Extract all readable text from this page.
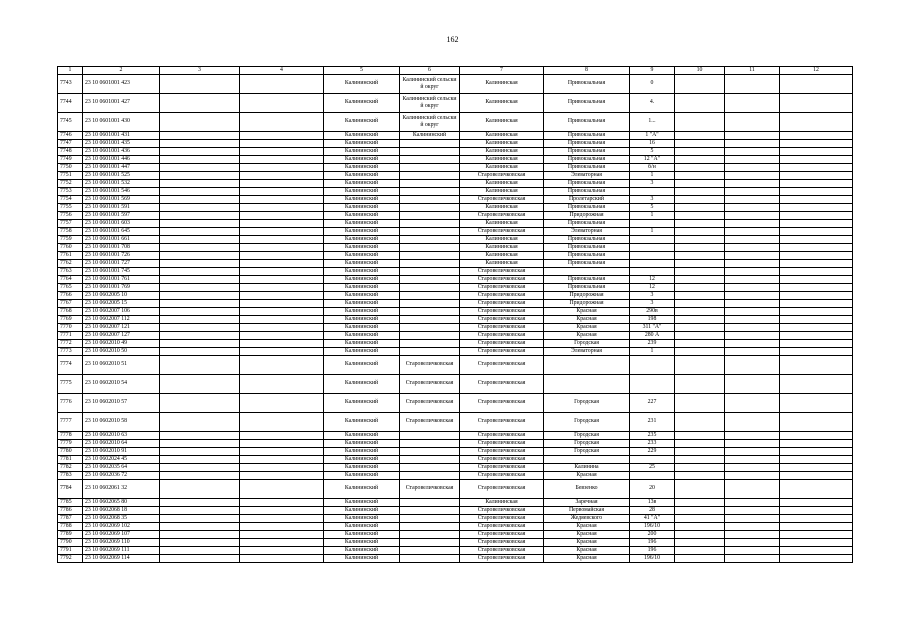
162
1	2	3	4	5	6	7	8	9	10	11	12
7743	23 10 0601001 423			Калининский	Калининский сельский округ	Калининская	Привокзальная	0			
7744	23 10 0601001 427			Калининский	Калининский сельский округ	Калининская	Привокзальная	4.			
7745	23 10 0601001 430			Калининский	Калининский сельский округ	Калининская	Привокзальная	1...			
7746	23 10 0601001 431			Калининский	Калининский	Калининская	Привокзальная	1 "А"			
7747	23 10 0601001 435			Калининский		Калининская	Привокзальная	16			
7748	23 10 0601001 436			Калининский		Калининская	Привокзальная	5			
7749	23 10 0601001 446			Калининский		Калининская	Привокзальная	12 "А"			
7750	23 10 0601001 447			Калининский		Калининская	Привокзальная	б/н			
7751	23 10 0601001 525			Калининский		Старовеличковская	Элеваторная	1			
7752	23 10 0601001 532			Калининский		Калининская	Привокзальная	3			
7753	23 10 0601001 546			Калининский		Калининская	Привокзальная				
7754	23 10 0601001 569			Калининский		Старовеличковская	Пролетарский	3			
7755	23 10 0601001 591			Калининский		Калининская	Привокзальная	5			
7756	23 10 0601001 597			Калининский		Старовеличковская	Придорожная	1			
7757	23 10 0601001 603			Калининский		Калининская	Привокзальная				
7758	23 10 0601001 645			Калининский		Старовеличковская	Элеваторная	1			
7759	23 10 0601001 661			Калининский		Калининская	Привокзальная				
7760	23 10 0601001 708			Калининский		Калининская	Привокзальная				
7761	23 10 0601001 726			Калининский		Калининская	Привокзальная				
7762	23 10 0601001 727			Калининский		Калининская	Привокзальная				
7763	23 10 0601001 745			Калининский		Старовеличковская					
7764	23 10 0601001 761			Калининский		Старовеличковская	Привокзальная	12			
7765	23 10 0601001 769			Калининский		Старовеличковская	Привокзальная	12			
7766	23 10 0602005 10			Калининский		Старовеличковская	Придорожная	3			
7767	23 10 0602005 15			Калининский		Старовеличковская	Придорожная	3			
7768	23 10 0602007 106			Калининский		Старовеличковская	Красная	290в			
7769	23 10 0602007 112			Калининский		Старовеличковская	Красная	198			
7770	23 10 0602007 121			Калининский		Старовеличковская	Красная	311 "А"			
7771	23 10 0602007 127			Калининский		Старовеличковская	Красная	280 А			
7772	23 10 0602010 49			Калининский		Старовеличковская	Городская	239			
7773	23 10 0602010 50			Калининский		Старовеличковская	Элеваторная	1			
7774	23 10 0602010 51			Калининский	Старовеличковская	Старовеличковская					
7775	23 10 0602010 54			Калининский	Старовеличковская	Старовеличковская					
7776	23 10 0602010 57			Калининский	Старовеличковская	Старовеличковская	Городская	227			
7777	23 10 0602010 58			Калининский	Старовеличковская	Старовеличковская	Городская	231			
7778	23 10 0602010 63			Калининский		Старовеличковская	Городская	235			
7779	23 10 0602010 64			Калининский		Старовеличковская	Городская	233			
7780	23 10 0602010 91			Калининский		Старовеличковская	Городская	229			
7781	23 10 0602024 45			Калининский		Старовеличковская					
7782	23 10 0602035 64			Калининский		Старовеличковская	Калинина	25			
7783	23 10 0602036 72			Калининский		Старовеличковская	Красная				
7784	23 10 0602061 32			Калининский	Старовеличковская	Старовеличковская	Бевзенко	20			
7785	23 10 0602065 80			Калининский		Калининская	Заречная	13в			
7786	23 10 0602068 18			Калининский		Старовеличковская	Первомайская	28			
7787	23 10 0602068 35			Калининский		Старовеличковская	Жедяевского	41 "А"			
7788	23 10 0602069 102			Калининский		Старовеличковская	Красная	196/10			
7789	23 10 0602069 107			Калининский		Старовеличковская	Красная	200			
7790	23 10 0602069 110			Калининский		Старовеличковская	Красная	196			
7791	23 10 0602069 111			Калининский		Старовеличковская	Красная	196			
7792	23 10 0602069 114			Калининский		Старовеличковская	Красная	196/10			
